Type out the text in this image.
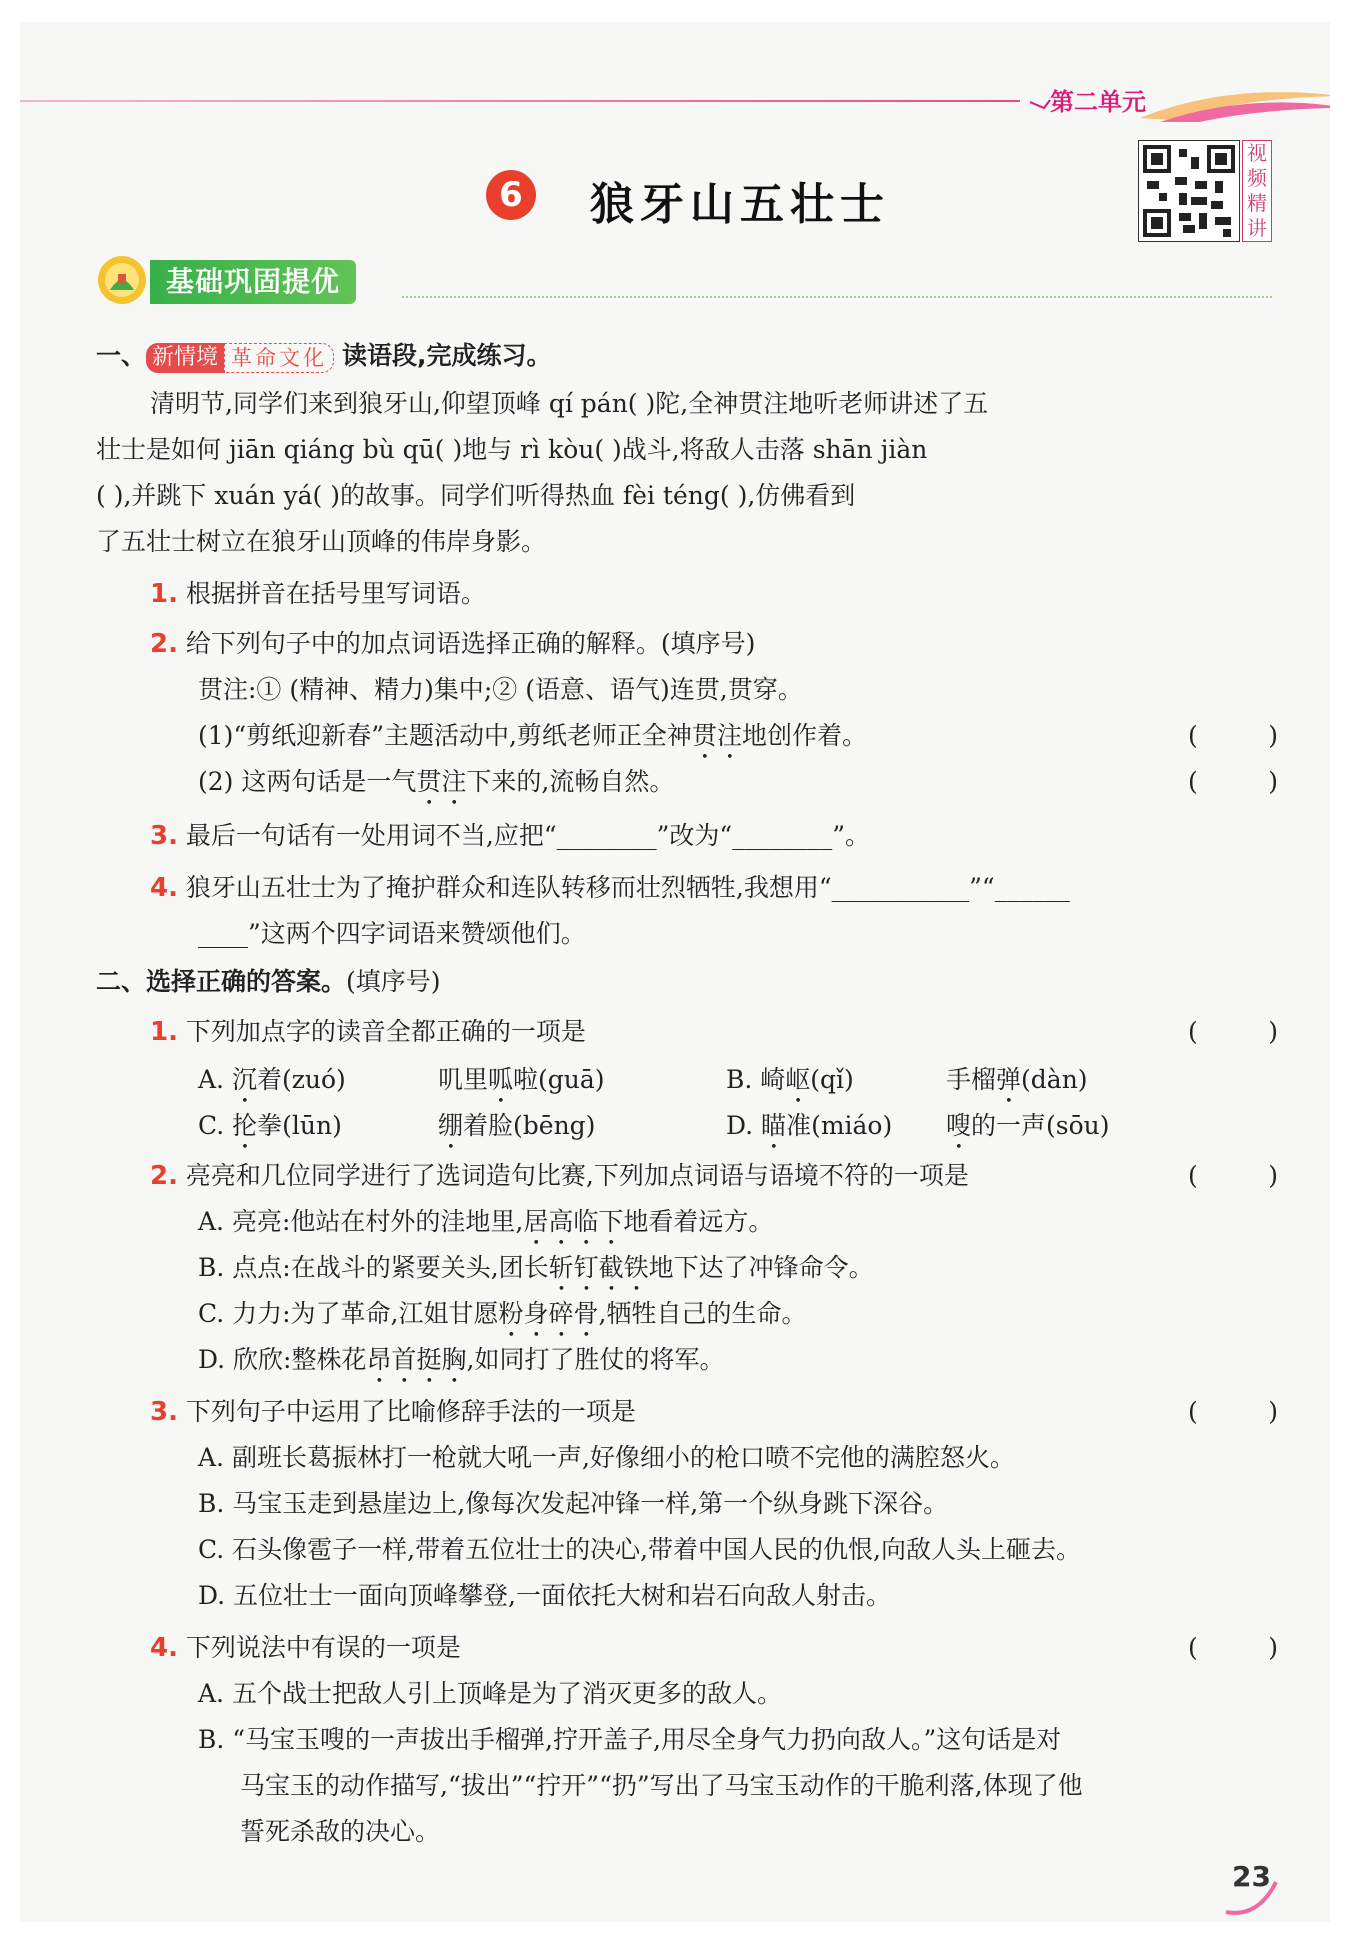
第二单元
6 狼牙山五壮士
视
频
精
讲
基础巩固提优
一、 新情境 革命文化 读语段,完成练习。
清明节,同学们来到狼牙山,仰望顶峰 qí pán( )陀,全神贯注地听老师讲述了五
壮士是如何 jiān qiáng bù qū( )地与 rì kòu( )战斗,将敌人击落 shān jiàn
( ),并跳下 xuán yá( )的故事。同学们听得热血 fèi téng( ),仿佛看到
了五壮士树立在狼牙山顶峰的伟岸身影。
1. 根据拼音在括号里写词语。
2. 给下列句子中的加点词语选择正确的解释。(填序号)
贯注:① (精神、精力)集中;② (语意、语气)连贯,贯穿。
(1)“剪纸迎新春”主题活动中,剪纸老师正全神贯注地创作着。	(	)
(2) 这两句话是一气贯注下来的,流畅自然。	(	)
3. 最后一句话有一处用词不当,应把“________”改为“________”。
4. 狼牙山五壮士为了掩护群众和连队转移而壮烈牺牲,我想用“___________”“______
____”这两个四字词语来赞颂他们。
二、选择正确的答案。(填序号)
1. 下列加点字的读音全都正确的一项是	(	)
A. 沉着(zuó)	叽里呱啦(guā)	B. 崎岖(qǐ)	手榴弹(dàn)
C. 抡拳(lūn)	绷着脸(bēng)	D. 瞄准(miáo) 嗖的一声(sōu)
2. 亮亮和几位同学进行了选词造句比赛,下列加点词语与语境不符的一项是	(	)
A. 亮亮:他站在村外的洼地里,居高临下地看着远方。
B. 点点:在战斗的紧要关头,团长斩钉截铁地下达了冲锋命令。
C. 力力:为了革命,江姐甘愿粉身碎骨,牺牲自己的生命。
D. 欣欣:整株花昂首挺胸,如同打了胜仗的将军。
3. 下列句子中运用了比喻修辞手法的一项是	(	)
A. 副班长葛振林打一枪就大吼一声,好像细小的枪口喷不完他的满腔怒火。
B. 马宝玉走到悬崖边上,像每次发起冲锋一样,第一个纵身跳下深谷。
C. 石头像雹子一样,带着五位壮士的决心,带着中国人民的仇恨,向敌人头上砸去。
D. 五位壮士一面向顶峰攀登,一面依托大树和岩石向敌人射击。
4. 下列说法中有误的一项是	(	)
A. 五个战士把敌人引上顶峰是为了消灭更多的敌人。
B. “马宝玉嗖的一声拔出手榴弹,拧开盖子,用尽全身气力扔向敌人。”这句话是对
马宝玉的动作描写,“拔出”“拧开”“扔”写出了马宝玉动作的干脆利落,体现了他
誓死杀敌的决心。
23
